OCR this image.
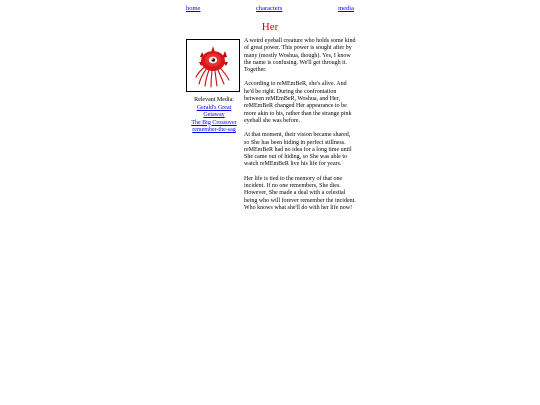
home	characters	media
Her
Relevant Media:
Gerald's Great Getaway
The Big Crossover
remember-the-sag

A weird eyeball creature who holds some kind of great power. This power is sought after by many (mostly Woshua, though). Yes, I know the name is confusing. We'll get through it. Together.

According to reMEmBeR, she's alive. And he'd be right. During the confrontation between reMEmBeR, Woshua, and Her, reMEmBeR changed Her appearance to be more akin to his, rather than the strange pink eyeball she was before.

At that moment, their vision became shared, so She has been hiding in perfect stillness. reMEmBeR had no idea for a long time until She came out of hiding, so She was able to watch reMEmBeR live his life for years.

Her life is tied to the memory of that one incident. If no one remembers, She dies. However, She made a deal with a celestial being who will forever remember the incident. Who knows what she'll do with her life now!
